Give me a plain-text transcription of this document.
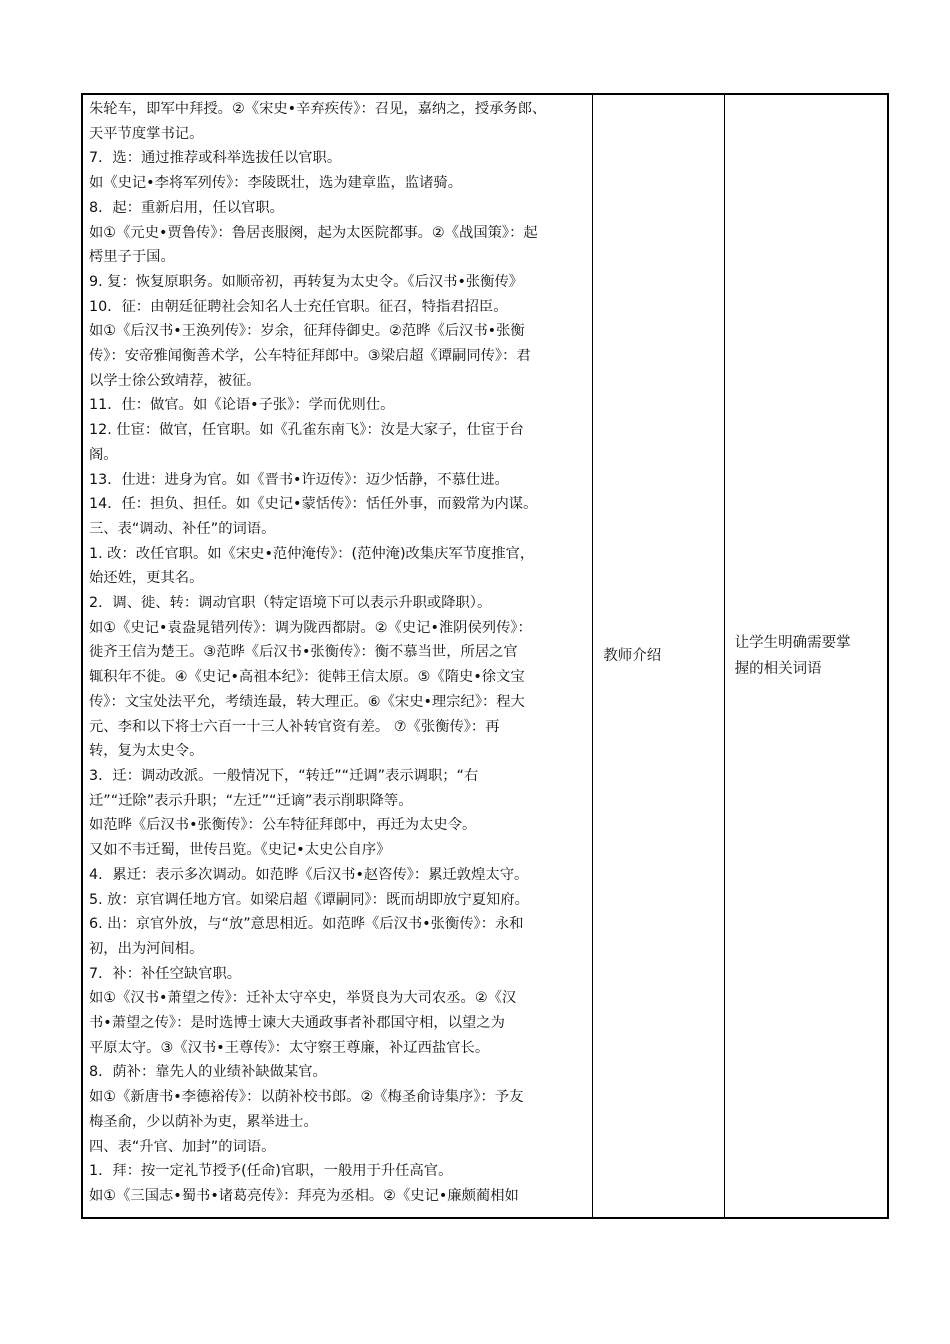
朱轮车，即军中拜授。②《宋史•辛弃疾传》：召见，嘉纳之，授承务郎、
天平节度掌书记。
7．选：通过推荐或科举选拔任以官职。
如《史记•李将军列传》：李陵既壮，选为建章监，监诸骑。
8．起：重新启用，任以官职。
如①《元史•贾鲁传》：鲁居丧服阕，起为太医院都事。②《战国策》：起
樗里子于国。
9. 复：恢复原职务。如顺帝初，再转复为太史令。《后汉书•张衡传》
10．征：由朝廷征聘社会知名人士充任官职。征召，特指君招臣。
如①《后汉书•王涣列传》：岁余，征拜侍御史。②范晔《后汉书•张衡
传》：安帝雅闻衡善术学，公车特征拜郎中。③梁启超《谭嗣同传》：君
以学士徐公致靖荐，被征。
11．仕：做官。如《论语•子张》：学而优则仕。
12. 仕宦：做官，任官职。如《孔雀东南飞》：汝是大家子，仕宦于台
阁。
13．仕进：进身为官。如《晋书•许迈传》：迈少恬静，不慕仕进。
14．任：担负、担任。如《史记•蒙恬传》：恬任外事，而毅常为内谋。
三、表“调动、补任”的词语。
1. 改：改任官职。如《宋史•范仲淹传》：(范仲淹)改集庆军节度推官，
始还姓，更其名。
2．调、徙、转：调动官职（特定语境下可以表示升职或降职）。
如①《史记•袁盎晁错列传》：调为陇西都尉。②《史记•淮阴侯列传》：
徙齐王信为楚王。③范晔《后汉书•张衡传》：衡不慕当世，所居之官
辄积年不徙。④《史记•高祖本纪》：徙韩王信太原。⑤《隋史•徐文宝
传》：文宝处法平允，考绩连最，转大理正。⑥《宋史•理宗纪》：程大
元、李和以下将士六百一十三人补转官资有差。 ⑦《张衡传》：再
转，复为太史令。
3．迁：调动改派。一般情况下，“转迁”“迁调”表示调职；“右
迁”“迁除”表示升职；“左迁”“迁谪”表示削职降等。
如范晔《后汉书•张衡传》：公车特征拜郎中，再迁为太史令。
又如不韦迁蜀，世传吕览。《史记•太史公自序》
4．累迁：表示多次调动。如范晔《后汉书•赵咨传》：累迁敦煌太守。
5. 放：京官调任地方官。如梁启超《谭嗣同》：既而胡即放宁夏知府。
6. 出：京官外放，与“放”意思相近。如范晔《后汉书•张衡传》：永和
初，出为河间相。
7．补：补任空缺官职。
如①《汉书•萧望之传》：迁补太守卒史，举贤良为大司农丞。②《汉
书•萧望之传》：是时选博士谏大夫通政事者补郡国守相，以望之为
平原太守。③《汉书•王尊传》：太守察王尊廉，补辽西盐官长。
8．荫补：靠先人的业绩补缺做某官。
如①《新唐书•李德裕传》：以荫补校书郎。②《梅圣俞诗集序》：予友
梅圣俞，少以荫补为吏，累举进士。
四、表“升官、加封”的词语。
1．拜：按一定礼节授予(任命)官职，一般用于升任高官。
如①《三国志•蜀书•诸葛亮传》：拜亮为丞相。②《史记•廉颇蔺相如

教师介绍

让学生明确需要掌
握的相关词语
